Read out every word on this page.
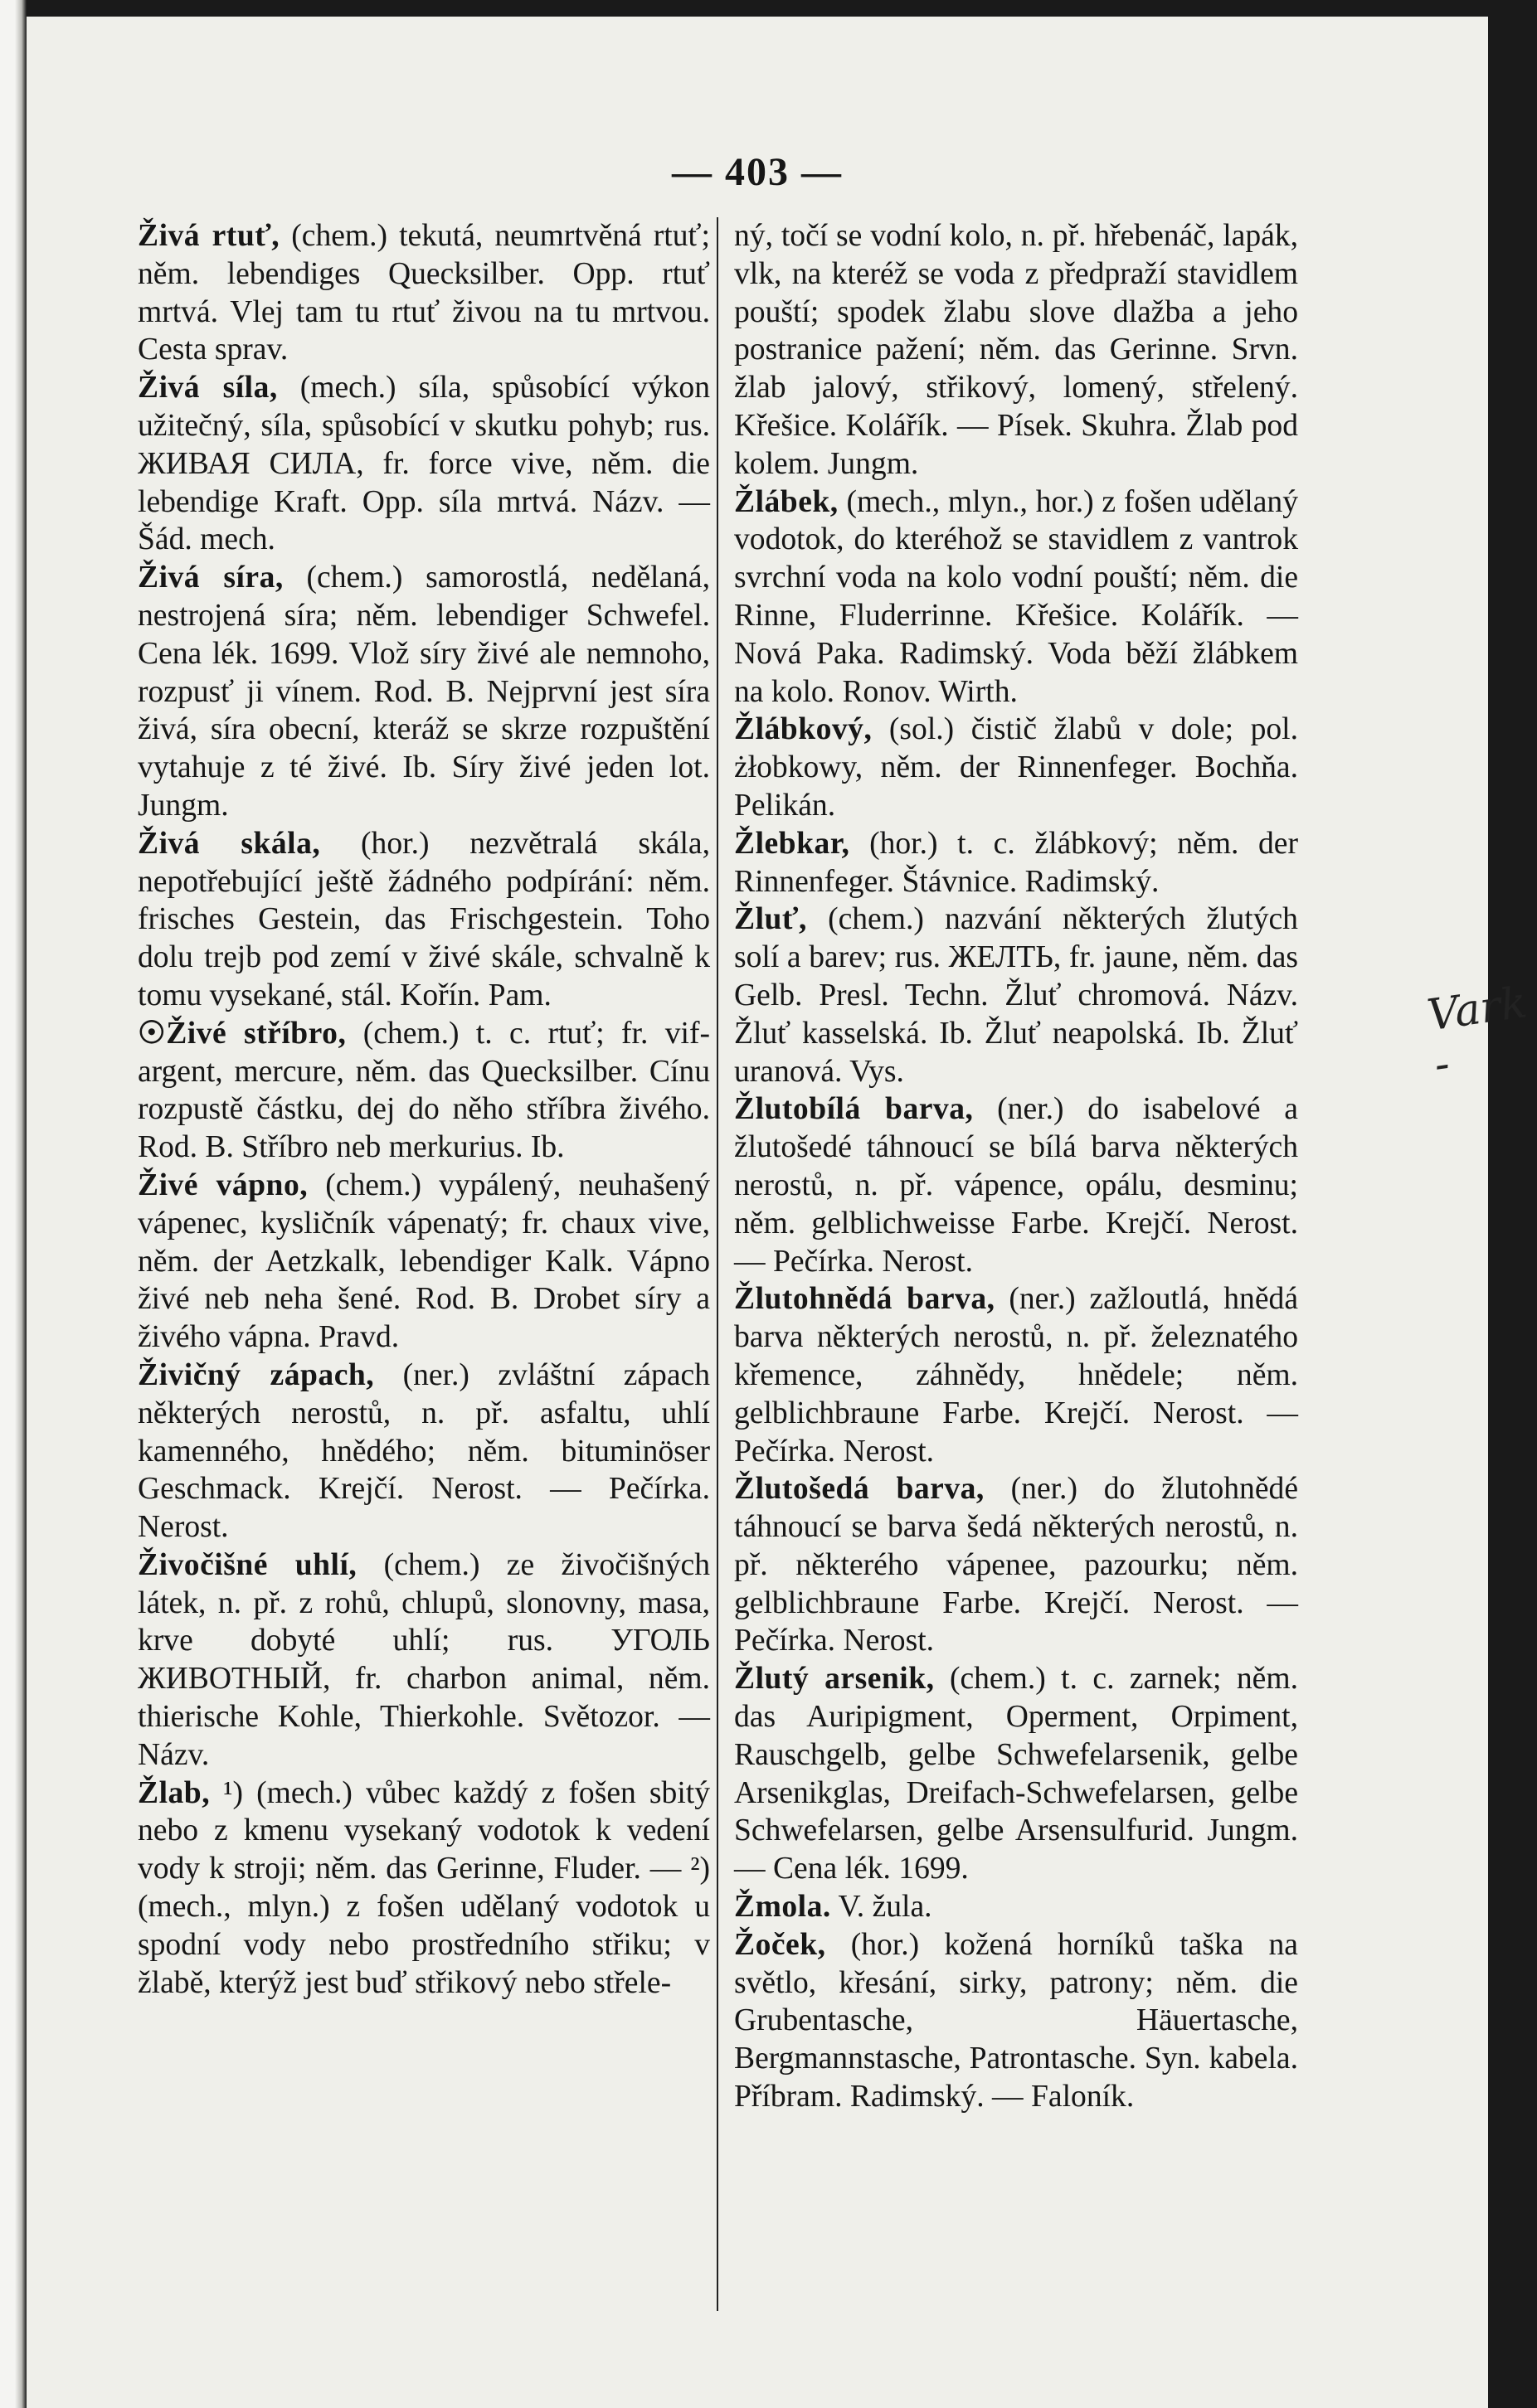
— 403 —
Vark -

Živá rtuť, (chem.) tekutá, neumrtvěná rtuť; něm. lebendiges Quecksilber. Opp. rtuť mrtvá. Vlej tam tu rtuť živou na tu mrtvou. Cesta sprav.

Živá síla, (mech.) síla, spůsobící výkon užitečný, síla, spůsobící v skutku pohyb; rus. ЖИВАЯ СИЛА, fr. force vive, něm. die lebendige Kraft. Opp. síla mrtvá. Názv. — Šád. mech.

Živá síra, (chem.) samorostlá, nedělaná, nestrojená síra; něm. lebendiger Schwefel. Cena lék. 1699. Vlož síry živé ale nemnoho, rozpusť ji vínem. Rod. B. Nejprvní jest síra živá, síra obecní, kteráž se skrze rozpuštění vytahuje z té živé. Ib. Síry živé jeden lot. Jungm.

Živá skála, (hor.) nezvětralá skála, nepotřebující ještě žádného podpírání: něm. frisches Gestein, das Frischgestein. Toho dolu trejb pod zemí v živé skále, schvalně k tomu vysekané, stál. Kořín. Pam.

☉Živé stříbro, (chem.) t. c. rtuť; fr. vif-argent, mercure, něm. das Quecksilber. Cínu rozpustě částku, dej do něho stříbra živého. Rod. B. Stříbro neb merkurius. Ib.

Živé vápno, (chem.) vypálený, neuhašený vápenec, kysličník vápenatý; fr. chaux vive, něm. der Aetzkalk, lebendiger Kalk. Vápno živé neb neha šené. Rod. B. Drobet síry a živého vápna. Pravd.

Živičný zápach, (ner.) zvláštní zápach některých nerostů, n. př. asfaltu, uhlí kamenného, hnědého; něm. bituminöser Geschmack. Krejčí. Nerost. — Pečírka. Nerost.

Živočišné uhlí, (chem.) ze živočišných látek, n. př. z rohů, chlupů, slonovny, masa, krve dobyté uhlí; rus. УГОЛЬ ЖИВОТНЫЙ, fr. charbon animal, něm. thierische Kohle, Thierkohle. Světozor. — Názv.

Žlab, ¹) (mech.) vůbec každý z fošen sbitý nebo z kmenu vysekaný vodotok k vedení vody k stroji; něm. das Gerinne, Fluder. — ²) (mech., mlyn.) z fošen udělaný vodotok u spodní vody nebo prostředního střiku; v žlabě, kterýž jest buď střikový nebo střele-

ný, točí se vodní kolo, n. př. hřebenáč, lapák, vlk, na kteréž se voda z předpraží stavidlem pouští; spodek žlabu slove dlažba a jeho postranice pažení; něm. das Gerinne. Srvn. žlab jalový, střikový, lomený, střelený. Křešice. Kolářík. — Písek. Skuhra. Žlab pod kolem. Jungm.

Žlábek, (mech., mlyn., hor.) z fošen udělaný vodotok, do kteréhož se stavidlem z vantrok svrchní voda na kolo vodní pouští; něm. die Rinne, Fluderrinne. Křešice. Kolářík. — Nová Paka. Radimský. Voda běží žlábkem na kolo. Ronov. Wirth.

Žlábkový, (sol.) čistič žlabů v dole; pol. żłobkowy, něm. der Rinnenfeger. Bochňa. Pelikán.

Žlebkar, (hor.) t. c. žlábkový; něm. der Rinnenfeger. Štávnice. Radimský.

Žluť, (chem.) nazvání některých žlutých solí a barev; rus. ЖЕЛТЬ, fr. jaune, něm. das Gelb. Presl. Techn. Žluť chromová. Názv. Žluť kasselská. Ib. Žluť neapolská. Ib. Žluť uranová. Vys.

Žlutobílá barva, (ner.) do isabelové a žlutošedé táhnoucí se bílá barva některých nerostů, n. př. vápence, opálu, desminu; něm. gelblichweisse Farbe. Krejčí. Nerost. — Pečírka. Nerost.

Žlutohnědá barva, (ner.) zažloutlá, hnědá barva některých nerostů, n. př. železnatého křemence, záhnědy, hnědele; něm. gelblichbraune Farbe. Krejčí. Nerost. — Pečírka. Nerost.

Žlutošedá barva, (ner.) do žlutohnědé táhnoucí se barva šedá některých nerostů, n. př. některého vápenee, pazourku; něm. gelblichbraune Farbe. Krejčí. Nerost. — Pečírka. Nerost.

Žlutý arsenik, (chem.) t. c. zarnek; něm. das Auripigment, Operment, Orpiment, Rauschgelb, gelbe Schwefelarsenik, gelbe Arsenikglas, Dreifach-Schwefelarsen, gelbe Schwefelarsen, gelbe Arsensulfurid. Jungm. — Cena lék. 1699.

Žmola. V. žula.

Žoček, (hor.) kožená horníků taška na světlo, křesání, sirky, patrony; něm. die Grubentasche, Häuertasche, Bergmannstasche, Patrontasche. Syn. kabela. Příbram. Radimský. — Faloník.
